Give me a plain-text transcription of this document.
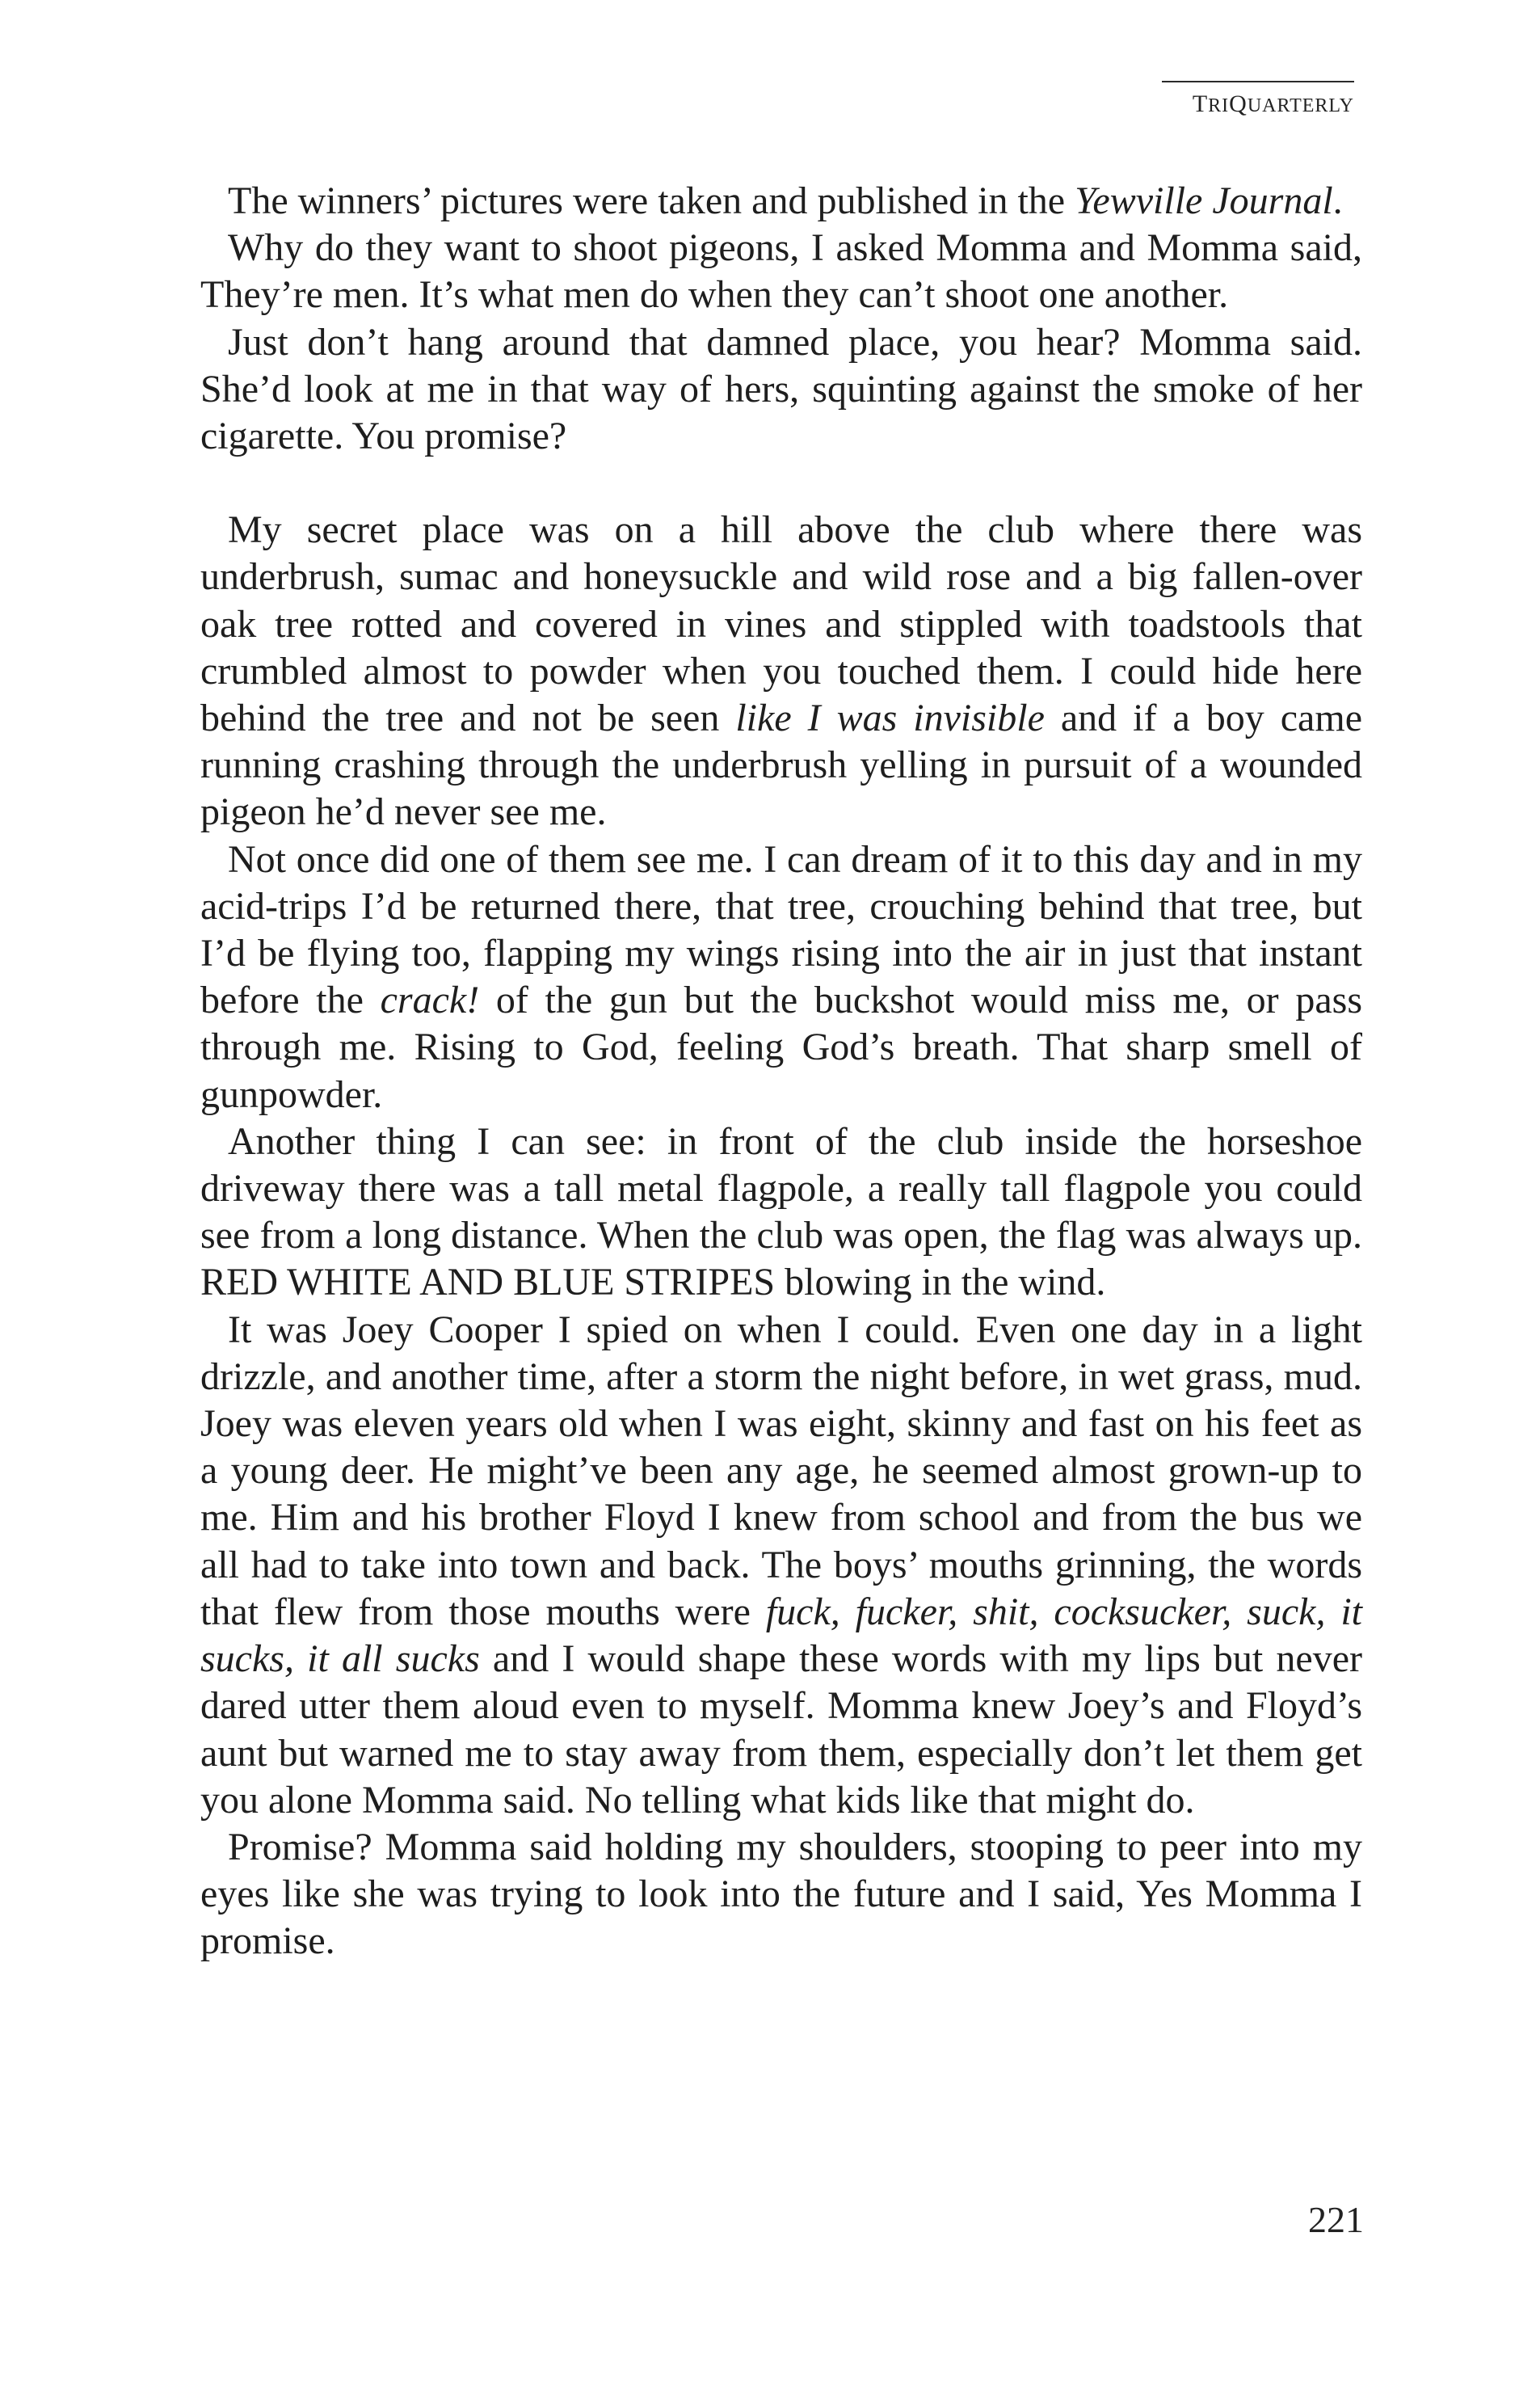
TRIQUARTERLY

The winners’ pictures were taken and published in the Yewville Journal.

Why do they want to shoot pigeons, I asked Momma and Momma said, They’re men. It’s what men do when they can’t shoot one another.

Just don’t hang around that damned place, you hear? Momma said. She’d look at me in that way of hers, squinting against the smoke of her cigarette. You promise?

My secret place was on a hill above the club where there was underbrush, sumac and honeysuckle and wild rose and a big fallen-over oak tree rotted and covered in vines and stippled with toadstools that crumbled almost to powder when you touched them. I could hide here behind the tree and not be seen like I was invisible and if a boy came running crashing through the underbrush yelling in pursuit of a wounded pigeon he’d never see me.

Not once did one of them see me. I can dream of it to this day and in my acid-trips I’d be returned there, that tree, crouching behind that tree, but I’d be flying too, flapping my wings rising into the air in just that instant before the crack! of the gun but the buckshot would miss me, or pass through me. Rising to God, feeling God’s breath. That sharp smell of gunpowder.

Another thing I can see: in front of the club inside the horseshoe driveway there was a tall metal flagpole, a really tall flagpole you could see from a long distance. When the club was open, the flag was always up. RED WHITE AND BLUE STRIPES blowing in the wind.

It was Joey Cooper I spied on when I could. Even one day in a light drizzle, and another time, after a storm the night before, in wet grass, mud. Joey was eleven years old when I was eight, skinny and fast on his feet as a young deer. He might’ve been any age, he seemed almost grown-up to me. Him and his brother Floyd I knew from school and from the bus we all had to take into town and back. The boys’ mouths grinning, the words that flew from those mouths were fuck, fucker, shit, cocksucker, suck, it sucks, it all sucks and I would shape these words with my lips but never dared utter them aloud even to myself. Momma knew Joey’s and Floyd’s aunt but warned me to stay away from them, especially don’t let them get you alone Momma said. No telling what kids like that might do.

Promise? Momma said holding my shoulders, stooping to peer into my eyes like she was trying to look into the future and I said, Yes Momma I promise.

221
